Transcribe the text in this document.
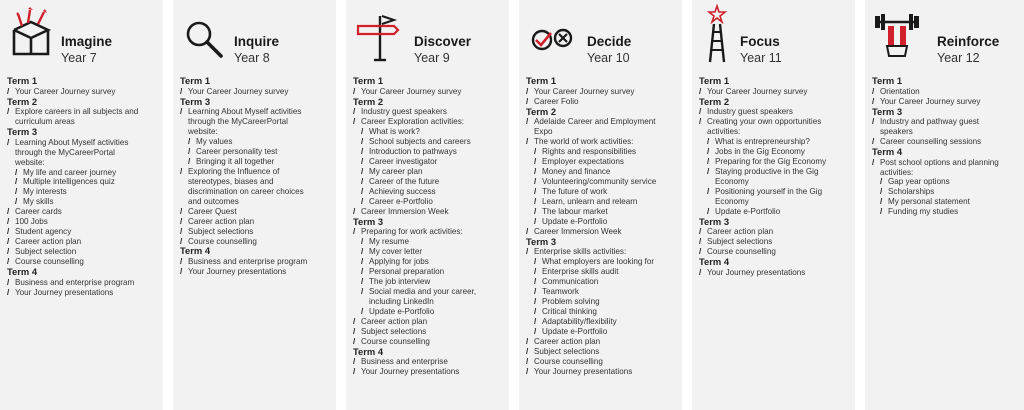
Imagine
Year 7
Term 1
/ Your Career Journey survey
Term 2
/ Explore careers in all subjects and
curriculum areas
Term 3
/ Learning About Myself activities
through the MyCareerPortal
website:
/ My life and career journey
/ Multiple intelligences quiz
/ My interests
/ My skills
/ Career cards
/ 100 Jobs
/ Student agency
/ Career action plan
/ Subject selection
/ Course counselling
Term 4
/ Business and enterprise program
/ Your Journey presentations
Inquire
Year 8
Term 1
/ Your Career Journey survey
Term 3
/ Learning About Myself activities
through the MyCareerPortal
website:
/ My values
/ Career personality test
/ Bringing it all together
/ Exploring the Influence of
stereotypes, biases and
discrimination on career choices
and outcomes
/ Career Quest
/ Career action plan
/ Subject selections
/ Course counselling
Term 4
/ Business and enterprise program
/ Your Journey presentations
Discover
Year 9
Term 1
/ Your Career Journey survey
Term 2
/ Industry guest speakers
/ Career Exploration activities:
/ What is work?
/ School subjects and careers
/ Introduction to pathways
/ Career investigator
/ My career plan
/ Career of the future
/ Achieving success
/ Career e-Portfolio
/ Career Immersion Week
Term 3
/ Preparing for work activities:
/ My resume
/ My cover letter
/ Applying for jobs
/ Personal preparation
/ The job interview
/ Social media and your career,
including LinkedIn
/ Update e-Portfolio
/ Career action plan
/ Subject selections
/ Course counselling
Term 4
/ Business and enterprise
/ Your Journey presentations
Decide
Year 10
Term 1
/ Your Career Journey survey
/ Career Folio
Term 2
/ Adelaide Career and Employment
Expo
/ The world of work activities:
/ Rights and responsibilities
/ Employer expectations
/ Money and finance
/ Volunteering/community service
/ The future of work
/ Learn, unlearn and relearn
/ The labour market
/ Update e-Portfolio
/ Career Immersion Week
Term 3
/ Enterprise skills activities:
/ What employers are looking for
/ Enterprise skills audit
/ Communication
/ Teamwork
/ Problem solving
/ Critical thinking
/ Adaptability/flexibility
/ Update e-Portfolio
/ Career action plan
/ Subject selections
/ Course counselling
/ Your Journey presentations
Focus
Year 11
Term 1
/ Your Career Journey survey
Term 2
/ Industry guest speakers
/ Creating your own opportunities
activities:
/ What is entrepreneurship?
/ Jobs in the Gig Economy
/ Preparing for the Gig Economy
/ Staying productive in the Gig
Economy
/ Positioning yourself in the Gig
Economy
/ Update e-Portfolio
Term 3
/ Career action plan
/ Subject selections
/ Course counselling
Term 4
/ Your Journey presentations
Reinforce
Year 12
Term 1
/ Orientation
/ Your Career Journey survey
Term 3
/ Industry and pathway guest
speakers
/ Career counselling sessions
Term 4
/ Post school options and planning
activities:
/ Gap year options
/ Scholarships
/ My personal statement
/ Funding my studies
